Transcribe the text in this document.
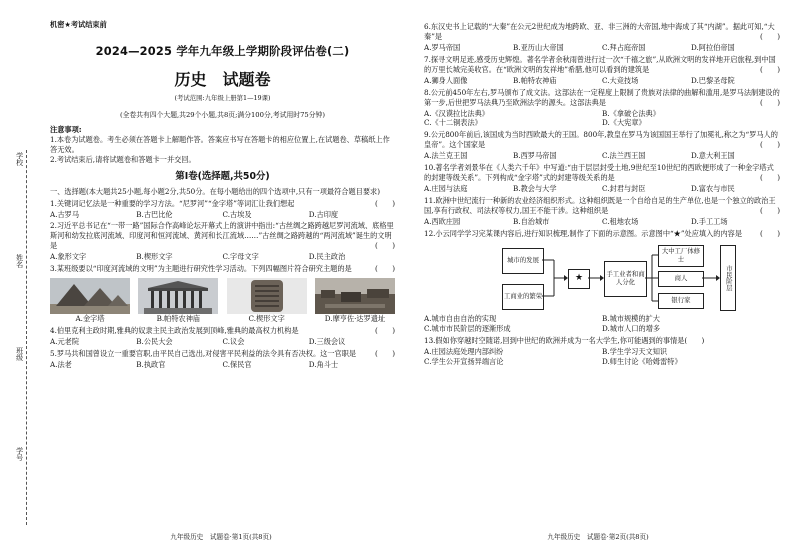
学校
姓名
班级
学号
机密★考试结束前
2024—2025 学年九年级上学期阶段评估卷(二)
历史　试题卷
(考试范围:九年级上册第1—19课)
(全卷共有四个大题,共29个小题,共8页;满分100分,考试用时75分钟)
注意事项:
1.本卷为试题卷。考生必须在答题卡上解题作答。答案应书写在答题卡的相应位置上,在试题卷、草稿纸上作答无效。
2.考试结束后,请将试题卷和答题卡一并交回。
第Ⅰ卷(选择题,共50分)
一、选择题(本大题共25小题,每小题2分,共50分。在每小题给出的四个选项中,只有一项最符合题目要求)
1.关键词记忆法是一种重要的学习方法。“尼罗河”“金字塔”等词汇让我们想起	(　　)
A.古罗马	B.古巴比伦	C.古埃及	D.古印度
2.习近平总书记在“一带一路”国际合作高峰论坛开幕式上的演讲中指出:“古丝绸之路跨越尼罗河流域、底格里斯河和幼发拉底河流域、印度河和恒河流域、黄河和长江流域……”古丝绸之路跨越的“两河流域”诞生的文明是	(　　)
A.象形文字	B.楔形文字	C.字母文字	D.民主政治
3.某班级要以“印度河流域的文明”为主题进行研究性学习活动。下列四幅图片符合研究主题的是	(　　)
A.金字塔	B.帕特农神庙	C.楔形文字	D.摩亨佐·达罗遗址
4.伯里克利主政时期,雅典的奴隶主民主政治发展到顶峰,雅典的最高权力机构是	(　　)
A.元老院	B.公民大会	C.议会	D.三级会议
5.罗马共和国曾设立一重要官职,由平民自己选出,对侵害平民利益的法令具有否决权。这一官职是	(　　)
A.法老	B.执政官	C.保民官	D.角斗士
九年级历史　试题卷·第1页(共8页)
6.东汉史书上记载的“大秦”在公元2世纪成为地跨欧、亚、非三洲的大帝国,地中海成了其“内湖”。据此可知,“大秦”是	(　　)
A.罗马帝国	B.亚历山大帝国	C.拜占庭帝国	D.阿拉伯帝国
7.探寻文明足迹,感受历史辉煌。著名学者余秋雨曾进行过一次“千禧之旅”,从欧洲文明的发祥地开启旅程,到中国的万里长城完美收官。在“欧洲文明的发祥地”希腊,他可以看到的建筑是	(　　)
A.狮身人面像	B.帕特农神庙	C.大竞技场	D.巴黎圣母院
8.公元前450年左右,罗马颁布了成文法。这部法在一定程度上限制了贵族对法律的曲解和滥用,是罗马法制建设的第一步,后世把罗马法典乃至欧洲法学的源头。这部法典是	(　　)
A.《汉谟拉比法典》	B.《拿破仑法典》
C.《十二铜表法》	D.《大宪章》
9.公元800年前后,该国成为当时西欧最大的王国。800年,教皇在罗马为该国国王举行了加冕礼,称之为“罗马人的皇帝”。这个国家是	(　　)
A.法兰克王国	B.西罗马帝国	C.法兰西王国	D.意大利王国
10.著名学者刘景华在《人类六千年》中写道:“由于层层封受土地,9世纪至10世纪的西欧便形成了一种金字塔式的封建等级关系”。下列构成“金字塔”式的封建等级关系的是	(　　)
A.庄园与法庭	B.教会与大学	C.封君与封臣	D.富农与市民
11.欧洲中世纪流行一种新的农业经济组织形式。这种组织既是一个自给自足的生产单位,也是一个独立的政治王国,享有行政权、司法权等权力,国王不能干涉。这种组织是	(　　)
A.西欧庄园	B.自治城市	C.租地农场	D.手工工场
12.小云同学学习完某课内容后,进行知识梳理,制作了下面的示意图。示意图中“★”处应填入的内容是 (　　)
城市的发展
工商业的繁荣
★	手工业者和商人分化
大中工厂体修士
商人
银行家
市民阶层
A.城市自由自治的实现	B.城市规模的扩大
C.城市市民阶层的逐渐形成	D.城市人口的增多
13.假如你穿越时空随诺,回到中世纪的欧洲并成为一名大学生,你可能遇到的事情是(　　)
A.庄园法庭处理内部纠纷	B.学生学习天文知识
C.学生公开宣扬异端言论	D.师生讨论《哈姆雷特》
九年级历史　试题卷·第2页(共8页)
